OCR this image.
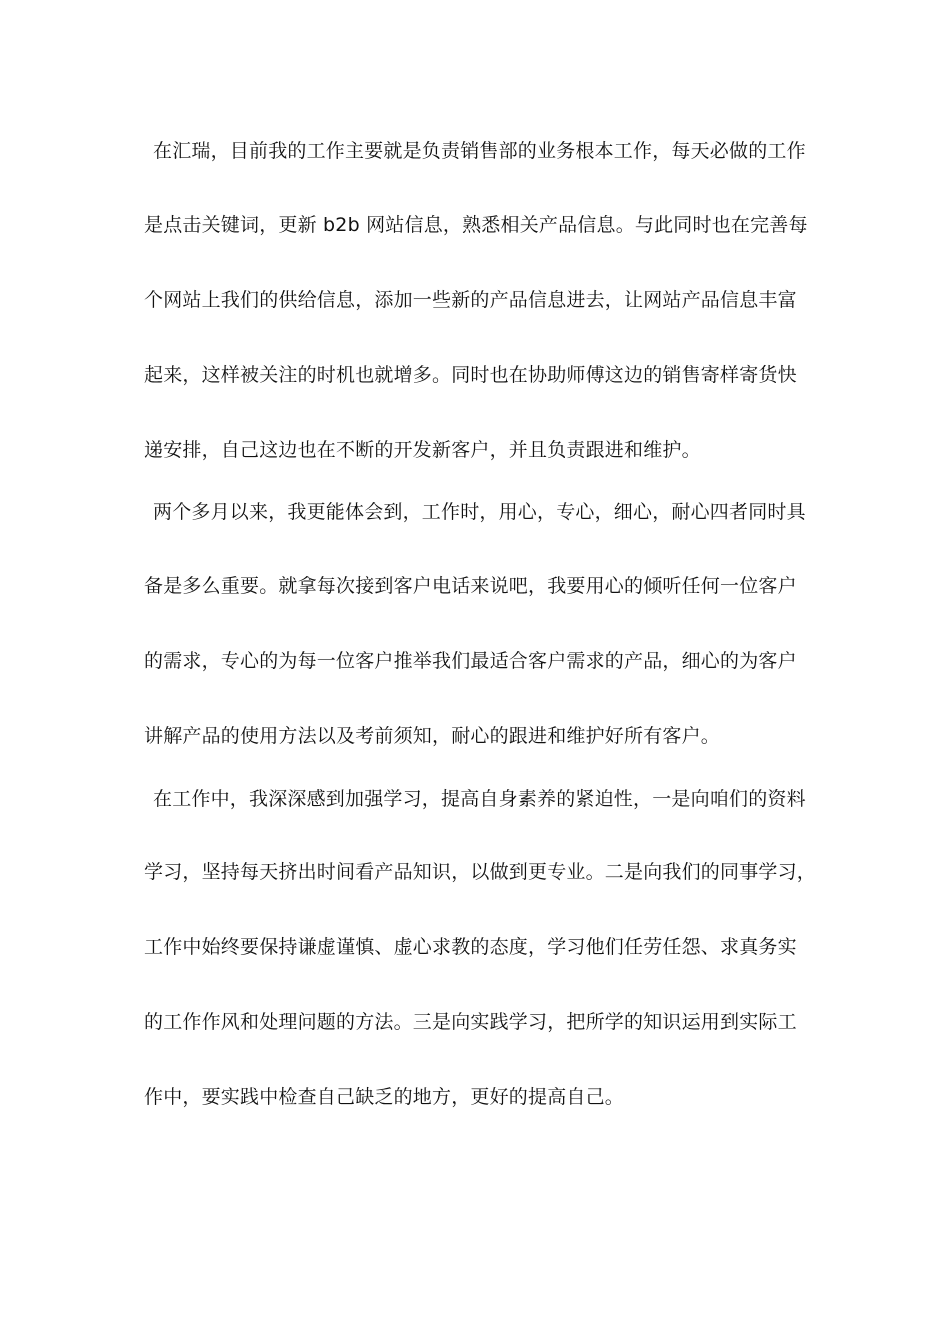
在汇瑞，目前我的工作主要就是负责销售部的业务根本工作，每天必做的工作
是点击关键词，更新 b2b 网站信息，熟悉相关产品信息。与此同时也在完善每
个网站上我们的供给信息，添加一些新的产品信息进去，让网站产品信息丰富
起来，这样被关注的时机也就增多。同时也在协助师傅这边的销售寄样寄货快
递安排，自己这边也在不断的开发新客户，并且负责跟进和维护。
两个多月以来，我更能体会到，工作时，用心，专心，细心，耐心四者同时具
备是多么重要。就拿每次接到客户电话来说吧，我要用心的倾听任何一位客户
的需求，专心的为每一位客户推举我们最适合客户需求的产品，细心的为客户
讲解产品的使用方法以及考前须知，耐心的跟进和维护好所有客户。
在工作中，我深深感到加强学习，提高自身素养的紧迫性，一是向咱们的资料
学习，坚持每天挤出时间看产品知识，以做到更专业。二是向我们的同事学习，
工作中始终要保持谦虚谨慎、虚心求教的态度，学习他们任劳任怨、求真务实
的工作作风和处理问题的方法。三是向实践学习，把所学的知识运用到实际工
作中，要实践中检查自己缺乏的地方，更好的提高自己。
